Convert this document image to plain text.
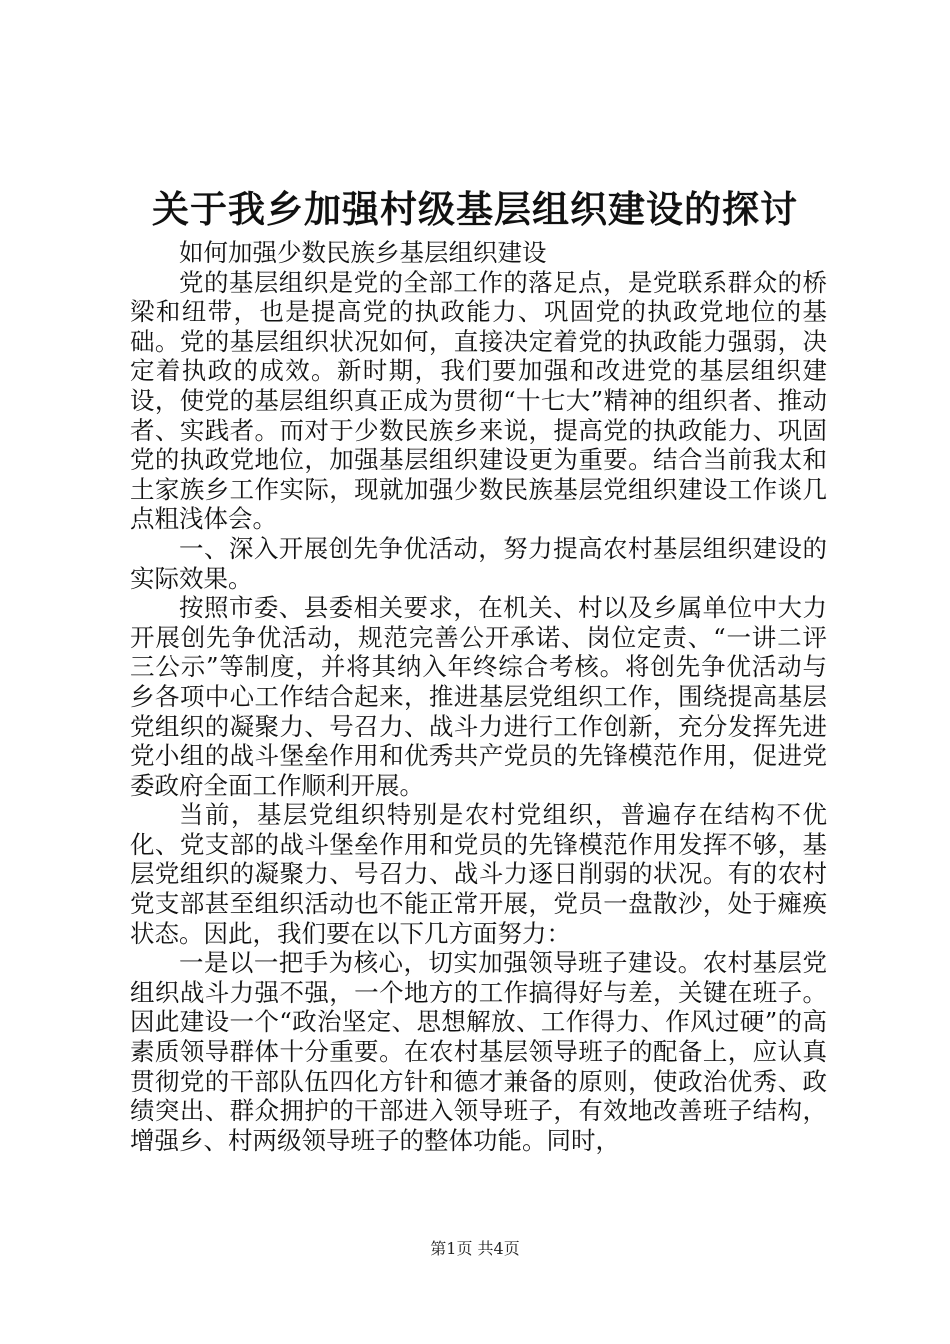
关于我乡加强村级基层组织建设的探讨

如何加强少数民族乡基层组织建设

党的基层组织是党的全部工作的落足点，是党联系群众的桥梁和纽带，也是提高党的执政能力、巩固党的执政党地位的基础。党的基层组织状况如何，直接决定着党的执政能力强弱，决定着执政的成效。新时期，我们要加强和改进党的基层组织建设，使党的基层组织真正成为贯彻“十七大”精神的组织者、推动者、实践者。而对于少数民族乡来说，提高党的执政能力、巩固党的执政党地位，加强基层组织建设更为重要。结合当前我太和土家族乡工作实际，现就加强少数民族基层党组织建设工作谈几点粗浅体会。

一、深入开展创先争优活动，努力提高农村基层组织建设的实际效果。

按照市委、县委相关要求，在机关、村以及乡属单位中大力开展创先争优活动，规范完善公开承诺、岗位定责、“一讲二评三公示”等制度，并将其纳入年终综合考核。将创先争优活动与乡各项中心工作结合起来，推进基层党组织工作，围绕提高基层党组织的凝聚力、号召力、战斗力进行工作创新，充分发挥先进党小组的战斗堡垒作用和优秀共产党员的先锋模范作用，促进党委政府全面工作顺利开展。

当前，基层党组织特别是农村党组织，普遍存在结构不优化、党支部的战斗堡垒作用和党员的先锋模范作用发挥不够，基层党组织的凝聚力、号召力、战斗力逐日削弱的状况。有的农村党支部甚至组织活动也不能正常开展，党员一盘散沙，处于瘫痪状态。因此，我们要在以下几方面努力：

一是以一把手为核心，切实加强领导班子建设。农村基层党组织战斗力强不强，一个地方的工作搞得好与差，关键在班子。因此建设一个“政治坚定、思想解放、工作得力、作风过硬”的高素质领导群体十分重要。在农村基层领导班子的配备上，应认真贯彻党的干部队伍四化方针和德才兼备的原则，使政治优秀、政绩突出、群众拥护的干部进入领导班子，有效地改善班子结构，增强乡、村两级领导班子的整体功能。同时，

第1页 共4页
